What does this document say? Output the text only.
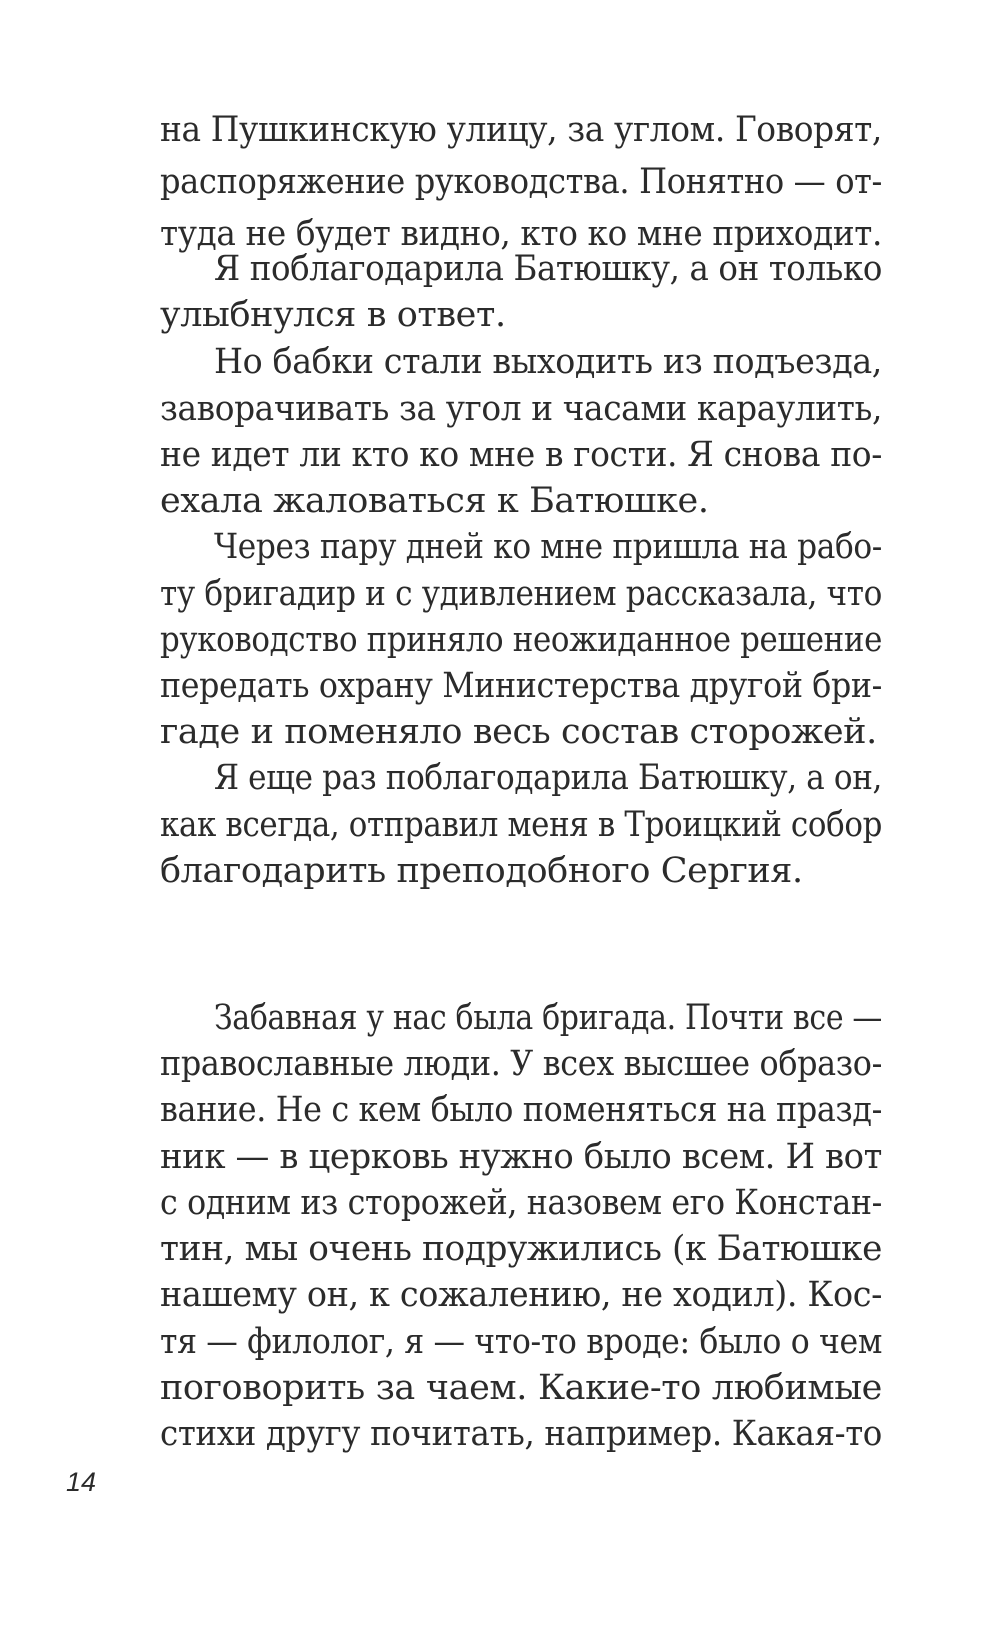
на Пушкинскую улицу, за углом. Говорят,

распоряжение руководства. Понятно — от-

туда не будет видно, кто ко мне приходит.

Я поблагодарила Батюшку, а он только

улыбнулся в ответ.

Но бабки стали выходить из подъезда,

заворачивать за угол и часами караулить,

не идет ли кто ко мне в гости. Я снова по-

ехала жаловаться к Батюшке.

Через пару дней ко мне пришла на рабо-

ту бригадир и с удивлением рассказала, что

руководство приняло неожиданное решение

передать охрану Министерства другой бри-

гаде и поменяло весь состав сторожей.

Я еще раз поблагодарила Батюшку, а он,

как всегда, отправил меня в Троицкий собор

благодарить преподобного Сергия.

Забавная у нас была бригада. Почти все —

православные люди. У всех высшее образо-

вание. Не с кем было поменяться на празд-

ник — в церковь нужно было всем. И вот

с одним из сторожей, назовем его Констан-

тин, мы очень подружились (к Батюшке

нашему он, к сожалению, не ходил). Кос-

тя — филолог, я — что-то вроде: было о чем

поговорить за чаем. Какие-то любимые

стихи другу почитать, например. Какая-то

14
